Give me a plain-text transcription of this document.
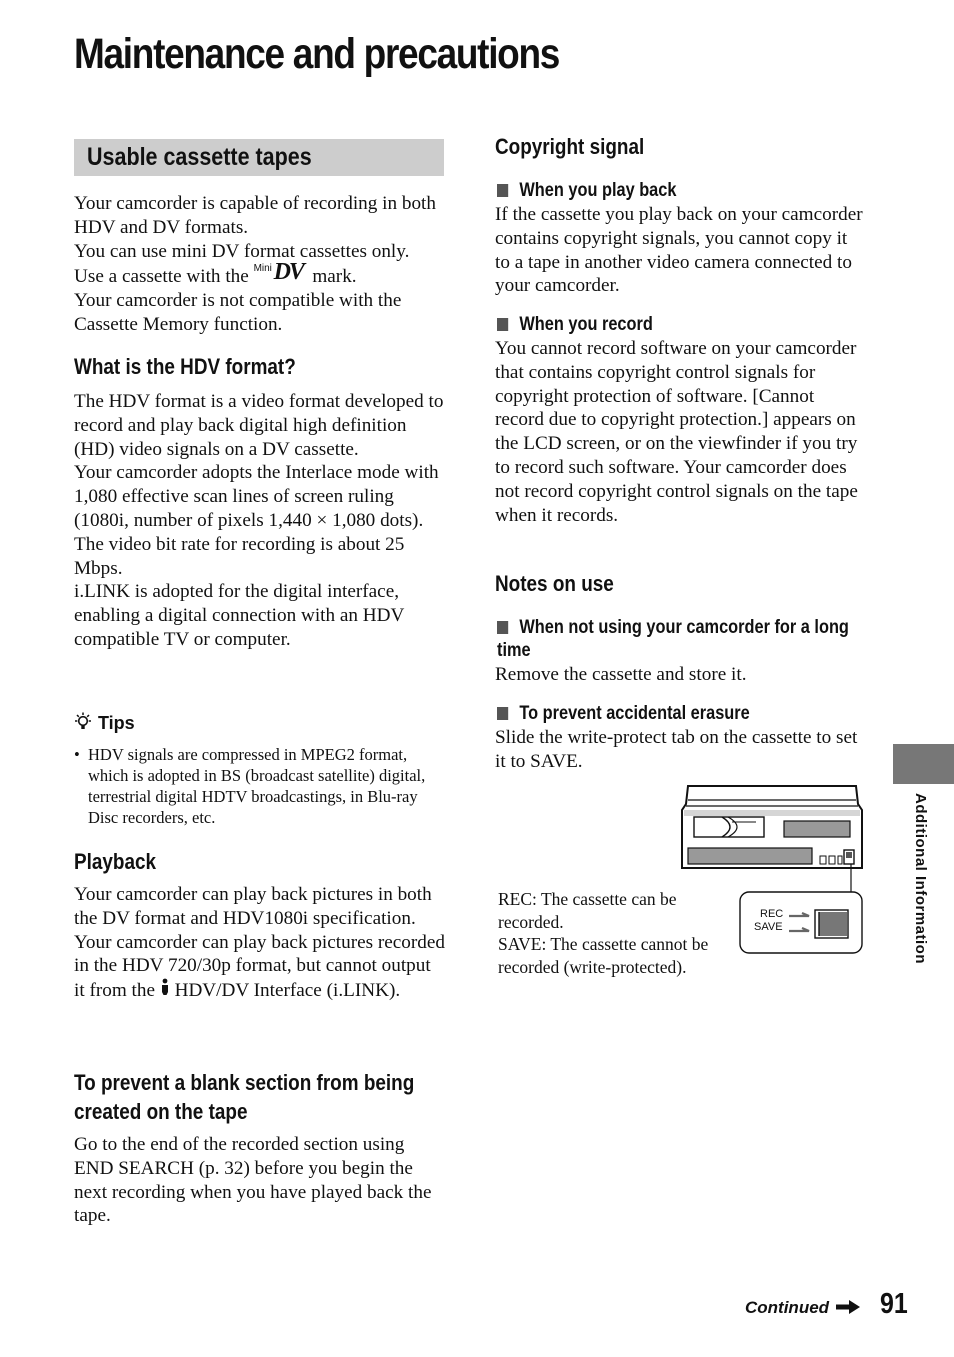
Maintenance and precautions
Usable cassette tapes

Your camcorder is capable of recording in both HDV and DV formats.

You can use mini DV format cassettes only.

Use a cassette with the Mini DV mark.

Your camcorder is not compatible with the Cassette Memory function.

What is the HDV format?

The HDV format is a video format developed to record and play back digital high definition (HD) video signals on a DV cassette.

Your camcorder adopts the Interlace mode with 1,080 effective scan lines of screen ruling (1080i, number of pixels 1,440 × 1,080 dots).

The video bit rate for recording is about 25 Mbps.

i.LINK is adopted for the digital interface, enabling a digital connection with an HDV compatible TV or computer.

Tips
• HDV signals are compressed in MPEG2 format, which is adopted in BS (broadcast satellite) digital, terrestrial digital HDTV broadcastings, in Blu-ray Disc recorders, etc.
Playback

Your camcorder can play back pictures in both the DV format and HDV1080i specification.

Your camcorder can play back pictures recorded in the HDV 720/30p format, but cannot output it from the HDV/DV Interface (i.LINK).

To prevent a blank section from being created on the tape

Go to the end of the recorded section using END SEARCH (p. 32) before you begin the next recording when you have played back the tape.

Copyright signal
When you play back

If the cassette you play back on your camcorder contains copyright signals, you cannot copy it to a tape in another video camera connected to your camcorder.

When you record

You cannot record software on your camcorder that contains copyright control signals for copyright protection of software. [Cannot record due to copyright protection.] appears on the LCD screen, or on the viewfinder if you try to record such software. Your camcorder does not record copyright control signals on the tape when it records.

Notes on use
When not using your camcorder for a long time

Remove the cassette and store it.

To prevent accidental erasure

Slide the write-protect tab on the cassette to set it to SAVE.

REC
SAVE
REC: The cassette can be recorded.
SAVE: The cassette cannot be recorded (write-protected).
Additional Information
Continued	91
